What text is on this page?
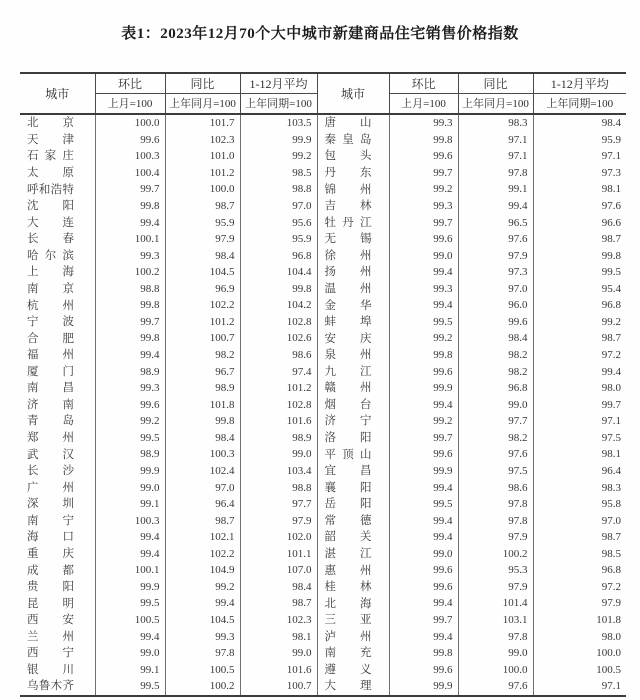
表1：2023年12月70个大中城市新建商品住宅销售价格指数
城市	环比	同比	1-12月平均	城市	环比	同比	1-12月平均
	上月=100	上年同月=100	上年同期=100		上月=100	上年同月=100	上年同期=100
北京	100.0	101.7	103.5	唐山	99.3	98.3	98.4
天津	99.6	102.3	99.9	秦皇岛	99.8	97.1	95.9
石家庄	100.3	101.0	99.2	包头	99.6	97.1	97.1
太原	100.4	101.2	98.5	丹东	99.7	97.8	97.3
呼和浩特	99.7	100.0	98.8	锦州	99.2	99.1	98.1
沈阳	99.8	98.7	97.0	吉林	99.3	99.4	97.6
大连	99.4	95.9	95.6	牡丹江	99.7	96.5	96.6
长春	100.1	97.9	95.9	无锡	99.6	97.6	98.7
哈尔滨	99.3	98.4	96.8	徐州	99.0	97.9	99.8
上海	100.2	104.5	104.4	扬州	99.4	97.3	99.5
南京	98.8	96.9	99.8	温州	99.3	97.0	95.4
杭州	99.8	102.2	104.2	金华	99.4	96.0	96.8
宁波	99.7	101.2	102.8	蚌埠	99.5	99.6	99.2
合肥	99.8	100.7	102.6	安庆	99.2	98.4	98.7
福州	99.4	98.2	98.6	泉州	99.8	98.2	97.2
厦门	98.9	96.7	97.4	九江	99.6	98.2	99.4
南昌	99.3	98.9	101.2	赣州	99.9	96.8	98.0
济南	99.6	101.8	102.8	烟台	99.4	99.0	99.7
青岛	99.2	99.8	101.6	济宁	99.2	97.7	97.1
郑州	99.5	98.4	98.9	洛阳	99.7	98.2	97.5
武汉	98.9	100.3	99.0	平顶山	99.6	97.6	98.1
长沙	99.9	102.4	103.4	宜昌	99.9	97.5	96.4
广州	99.0	97.0	98.8	襄阳	99.4	98.6	98.3
深圳	99.1	96.4	97.7	岳阳	99.5	97.8	95.8
南宁	100.3	98.7	97.9	常德	99.4	97.8	97.0
海口	99.4	102.1	102.0	韶关	99.4	97.9	98.7
重庆	99.4	102.2	101.1	湛江	99.0	100.2	98.5
成都	100.1	104.9	107.0	惠州	99.6	95.3	96.8
贵阳	99.9	99.2	98.4	桂林	99.6	97.9	97.2
昆明	99.5	99.4	98.7	北海	99.4	101.4	97.9
西安	100.5	104.5	102.3	三亚	99.7	103.1	101.8
兰州	99.4	99.3	98.1	泸州	99.4	97.8	98.0
西宁	99.0	97.8	99.0	南充	99.8	99.0	100.0
银川	99.1	100.5	101.6	遵义	99.6	100.0	100.5
乌鲁木齐	99.5	100.2	100.7	大理	99.9	97.6	97.1
